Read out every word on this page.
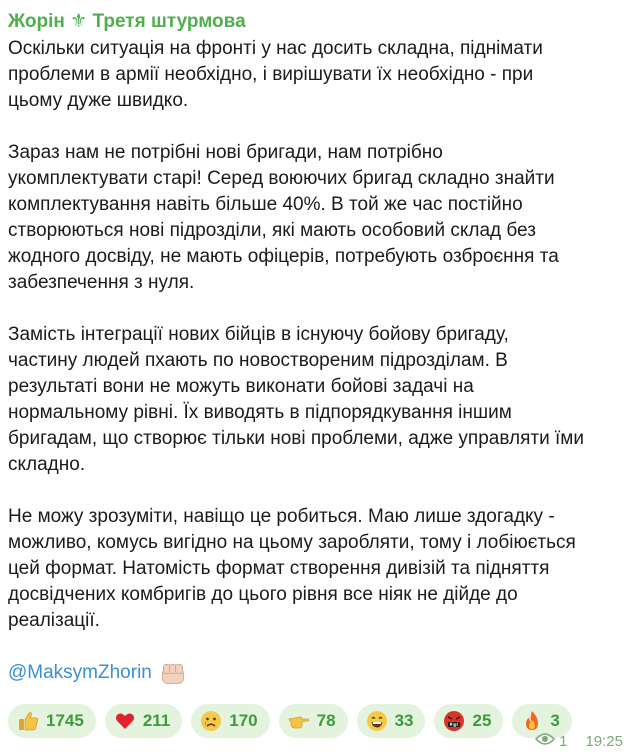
Жорін ⚜ Третя штурмова
Оскільки ситуація на фронті у нас досить складна, піднімати
проблеми в армії необхідно, і вирішувати їх необхідно - при
цьому дуже швидко.
Зараз нам не потрібні нові бригади, нам потрібно
укомплектувати старі! Серед воюючих бригад складно знайти
комплектування навіть більше 40%. В той же час постійно
створюються нові підрозділи, які мають особовий склад без
жодного досвіду, не мають офіцерів, потребують озброєння та
забезпечення з нуля.
Замість інтеграції нових бійців в існуючу бойову бригаду,
частину людей пхають по новоствореним підрозділам. В
результаті вони не можуть виконати бойові задачі на
нормальному рівні. Їх виводять в підпорядкування іншим
бригадам, що створює тільки нові проблеми, адже управляти їми
складно.
Не можу зрозуміти, навіщо це робиться. Маю лише здогадку -
можливо, комусь вигідно на цьому заробляти, тому і лобіюється
цей формат. Натомість формат створення дивізій та підняття
досвідчених комбригів до цього рівня все ніяк не дійде до
реалізації.
@MaksymZhorin
1745	211	170	78	33	#@! 25	3
1 19:25
